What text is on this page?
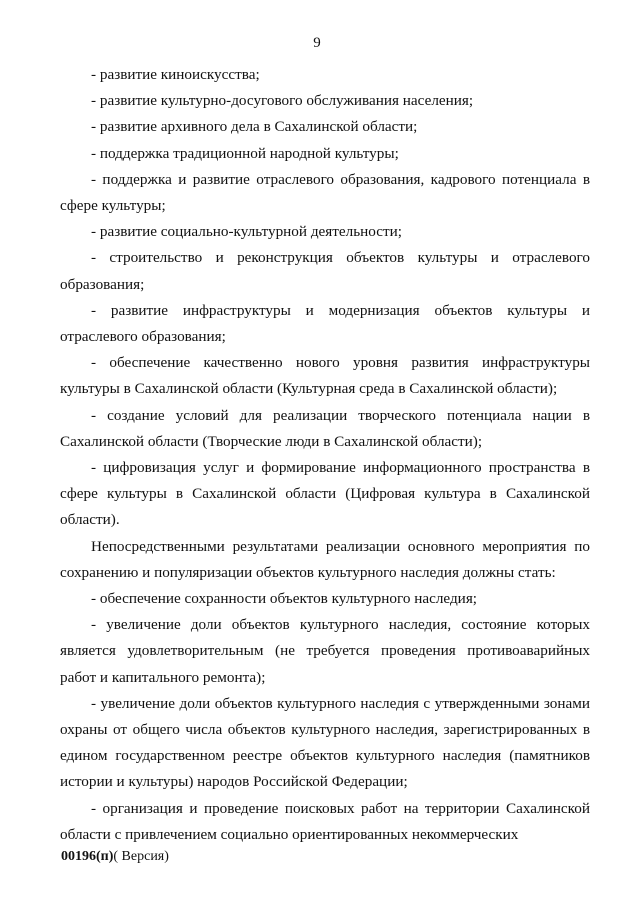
9

- развитие киноискусства;

- развитие культурно-досугового обслуживания населения;

- развитие архивного дела в Сахалинской области;

- поддержка традиционной народной культуры;

- поддержка и развитие отраслевого образования, кадрового потенциала в сфере культуры;

- развитие социально-культурной деятельности;

- строительство и реконструкция объектов культуры и отраслевого образования;

- развитие инфраструктуры и модернизация объектов культуры и отраслевого образования;

- обеспечение качественно нового уровня развития инфраструктуры культуры в Сахалинской области (Культурная среда в Сахалинской области);

- создание условий для реализации творческого потенциала нации в Сахалинской области (Творческие люди в Сахалинской области);

- цифровизация услуг и формирование информационного пространства в сфере культуры в Сахалинской области (Цифровая культура в Сахалинской области).

Непосредственными результатами реализации основного мероприятия по сохранению и популяризации объектов культурного наследия должны стать:

- обеспечение сохранности объектов культурного наследия;

- увеличение доли объектов культурного наследия, состояние которых является удовлетворительным (не требуется проведения противоаварийных работ и капитального ремонта);

- увеличение доли объектов культурного наследия с утвержденными зонами охраны от общего числа объектов культурного наследия, зарегистрированных в едином государственном реестре объектов культурного наследия (памятников истории и культуры) народов Российской Федерации;

- организация и проведение поисковых работ на территории Сахалинской области с привлечением социально ориентированных некоммерческих

00196(п)( Версия)
